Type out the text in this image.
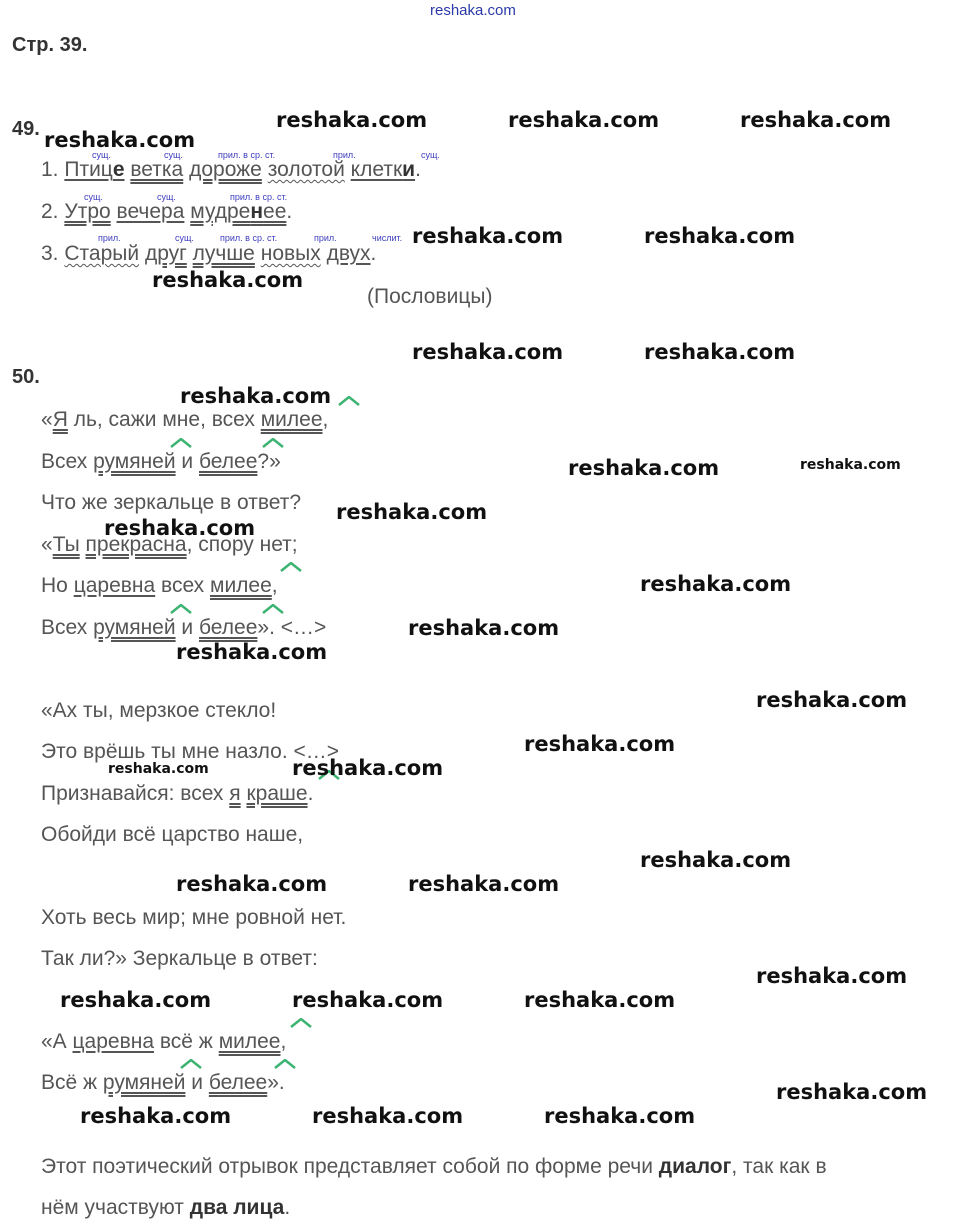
reshaka.com
Стр. 39.
49.
сущ.	сущ.	прил. в ср. ст.	прил.	сущ.
1. Птице ветка дороже золотой клетки.
сущ.	сущ.	прил. в ср. ст.
2. Утро вечера мудренее.
прил.	сущ.	прил. в ср. ст.	прил.	числит.
3. Старый друг лучше новых двух.
(Пословицы)
50.
«Я ль, сажи мне, всех милее,
Всех румяней и белее?»
Что же зеркальце в ответ?
«Ты прекрасна, спору нет;
Но царевна всех милее,
Всех румяней и белее». <…>
«Ах ты, мерзкое стекло!
Это врёшь ты мне назло. <…>
Признавайся: всех я краше.
Обойди всё царство наше,
Хоть весь мир; мне ровной нет.
Так ли?» Зеркальце в ответ:
«А царевна всё ж милее,
Всё ж румяней и белее».
Этот поэтический отрывок представляет собой по форме речи диалог, так как в
нём участвуют два лица.
reshaka.com
reshaka.com	reshaka.com	reshaka.com
reshaka.com	reshaka.com
reshaka.com
reshaka.com	reshaka.com
reshaka.com
reshaka.com	reshaka.com
reshaka.com
reshaka.com
reshaka.com
reshaka.com
reshaka.com
reshaka.com
reshaka.com
reshaka.com	reshaka.com
reshaka.com
reshaka.com	reshaka.com
reshaka.com
reshaka.com	reshaka.com	reshaka.com
reshaka.com
reshaka.com	reshaka.com	reshaka.com
